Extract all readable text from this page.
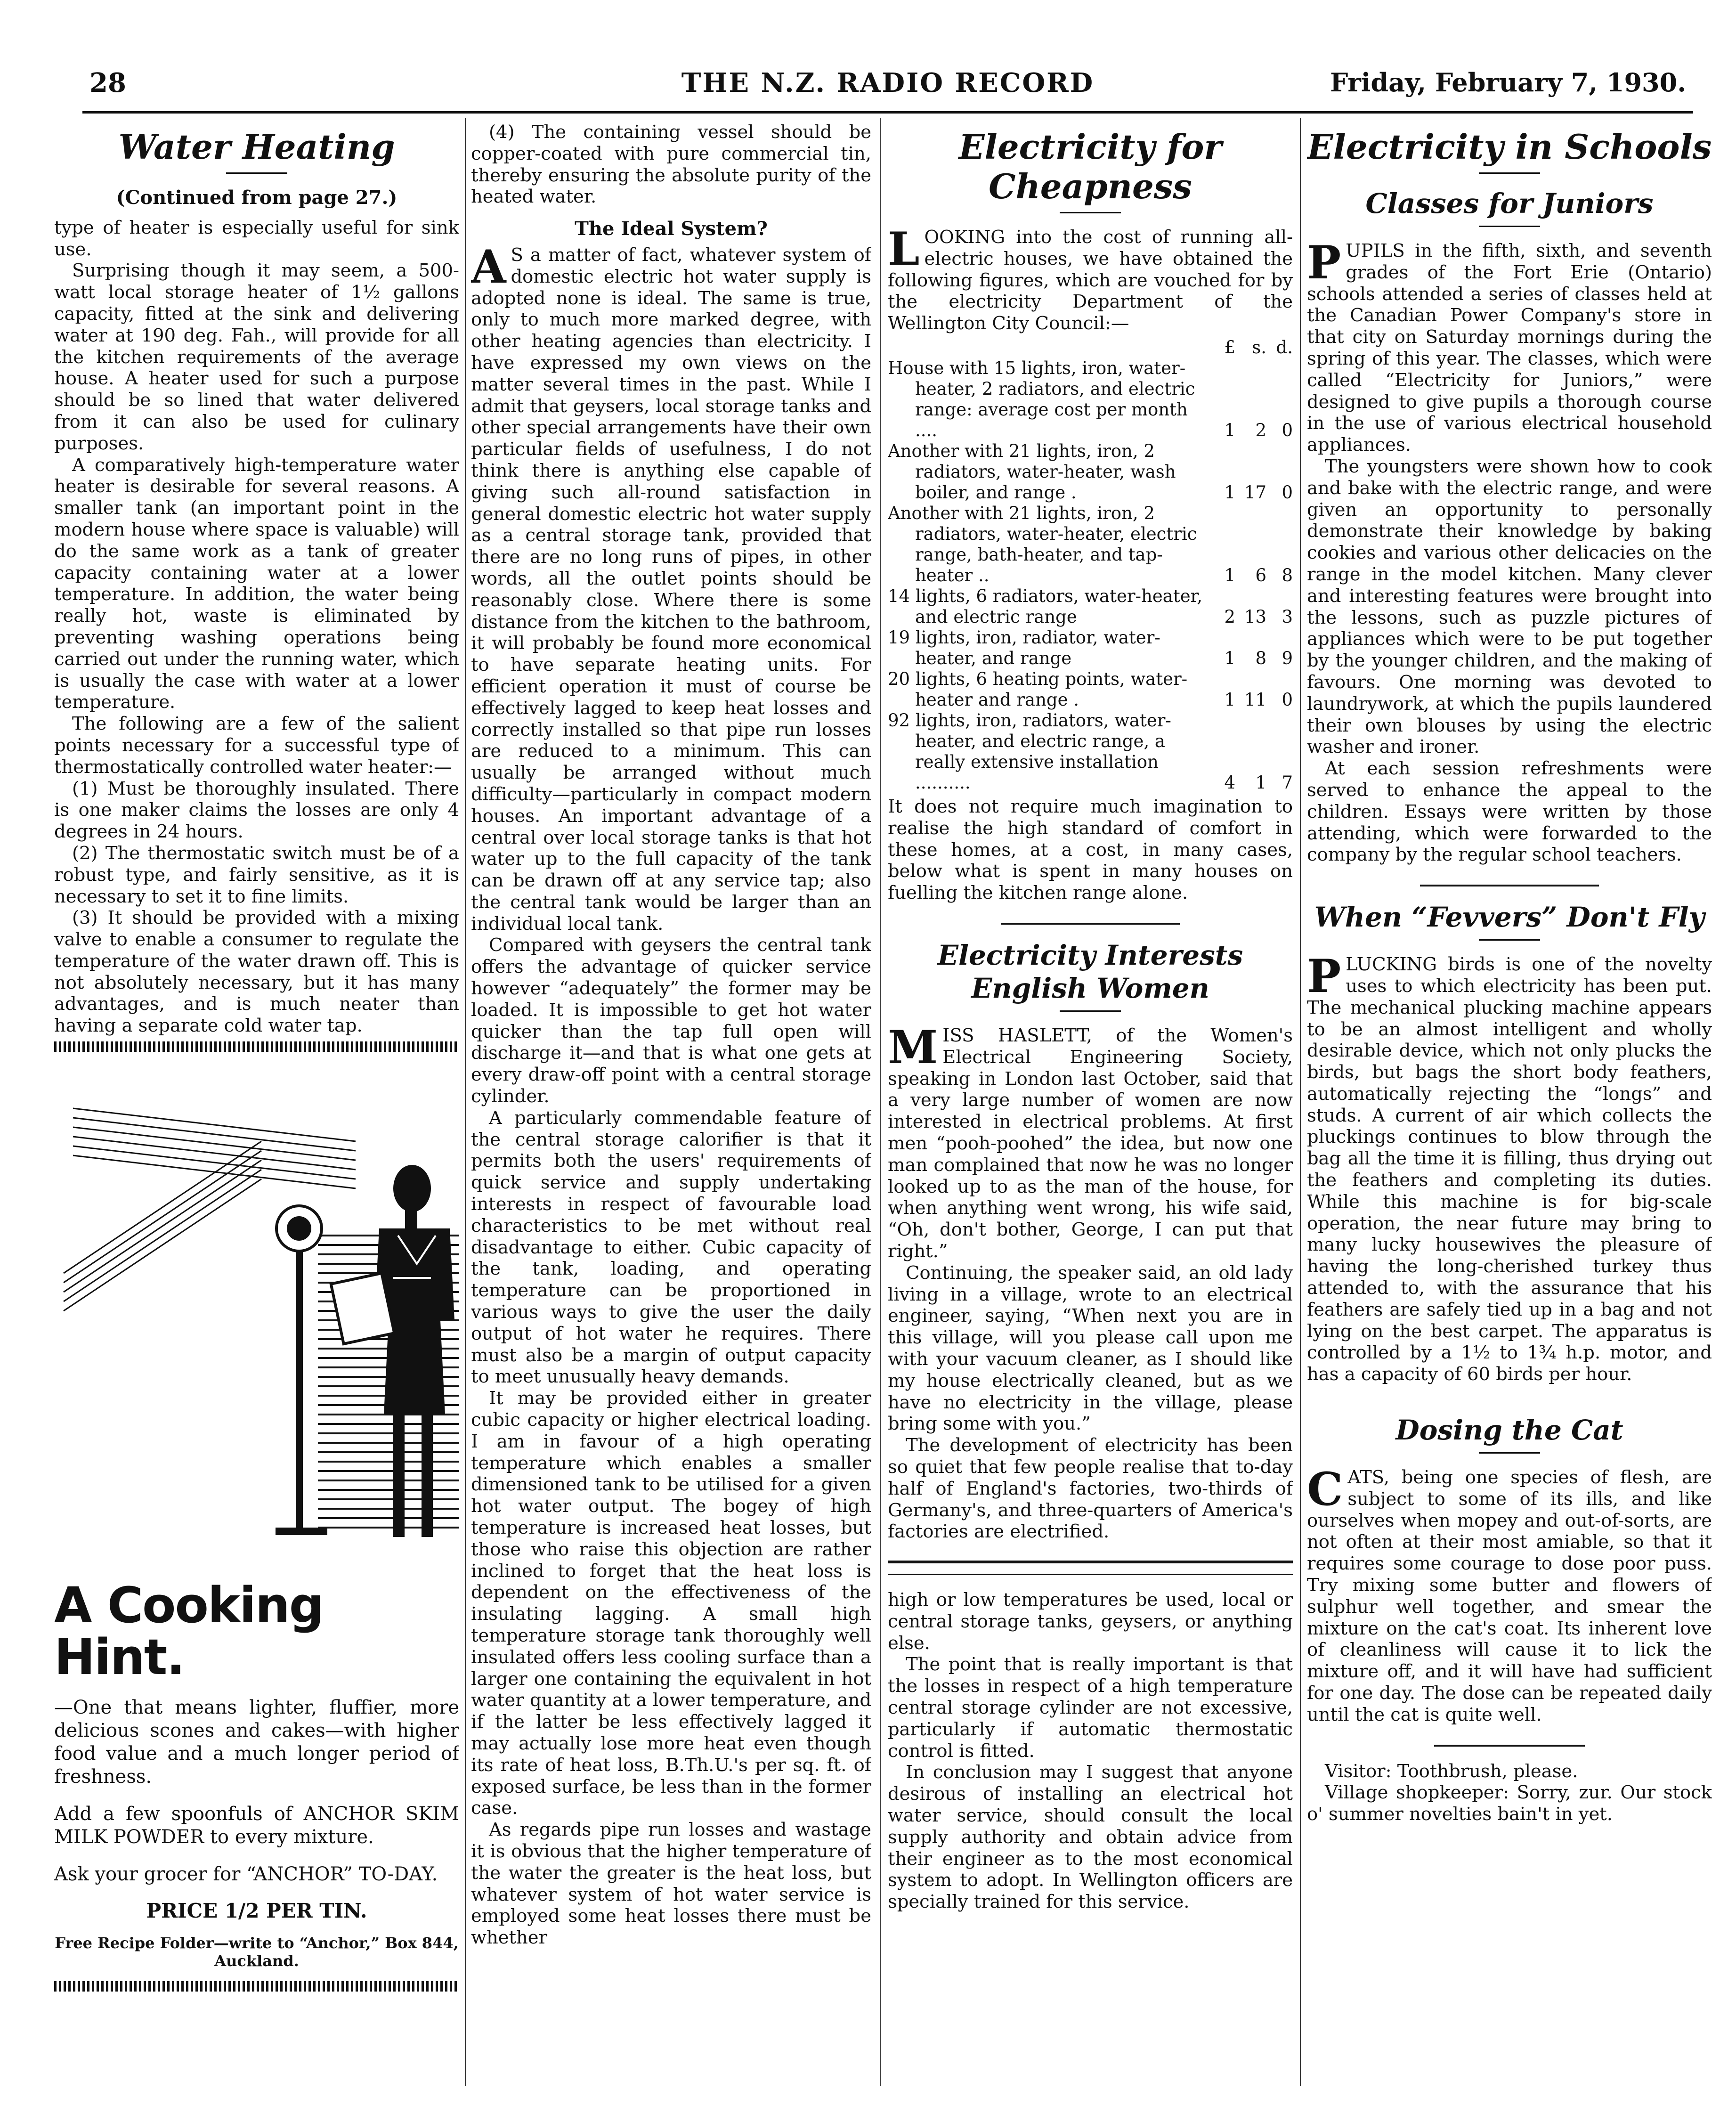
28	THE N.Z. RADIO RECORD	Friday, February 7, 1930.
Water Heating
(Continued from page 27.)

type of heater is especially useful for sink use.

Surprising though it may seem, a 500-watt local storage heater of 1½ gallons capacity, fitted at the sink and delivering water at 190 deg. Fah., will provide for all the kitchen requirements of the average house. A heater used for such a purpose should be so lined that water delivered from it can also be used for culinary purposes.

A comparatively high-temperature water heater is desirable for several reasons. A smaller tank (an important point in the modern house where space is valuable) will do the same work as a tank of greater capacity containing water at a lower temperature. In addition, the water being really hot, waste is eliminated by preventing washing operations being carried out under the running water, which is usually the case with water at a lower temperature.

The following are a few of the salient points necessary for a successful type of thermostatically controlled water heater:—

(1) Must be thoroughly insulated. There is one maker claims the losses are only 4 degrees in 24 hours.

(2) The thermostatic switch must be of a robust type, and fairly sensitive, as it is necessary to set it to fine limits.

(3) It should be provided with a mixing valve to enable a consumer to regulate the temperature of the water drawn off. This is not absolutely necessary, but it has many advantages, and is much neater than having a separate cold water tap.

A Cooking Hint.

—One that means lighter, fluffier, more delicious scones and cakes—with higher food value and a much longer period of freshness.

Add a few spoonfuls of ANCHOR SKIM MILK POWDER to every mixture.

Ask your grocer for “ANCHOR” TO-DAY.

PRICE 1/2 PER TIN.
Free Recipe Folder—write to “Anchor,” Box 844, Auckland.

(4) The containing vessel should be copper-coated with pure commercial tin, thereby ensuring the absolute purity of the heated water.

The Ideal System?

A S a matter of fact, whatever system of domestic electric hot water supply is adopted none is ideal. The same is true, only to much more marked degree, with other heating agencies than electricity. I have expressed my own views on the matter several times in the past. While I admit that geysers, local storage tanks and other special arrangements have their own particular fields of usefulness, I do not think there is anything else capable of giving such all-round satisfaction in general domestic electric hot water supply as a central storage tank, provided that there are no long runs of pipes, in other words, all the outlet points should be reasonably close. Where there is some distance from the kitchen to the bathroom, it will probably be found more economical to have separate heating units. For efficient operation it must of course be effectively lagged to keep heat losses and correctly installed so that pipe run losses are reduced to a minimum. This can usually be arranged without much difficulty—particularly in compact modern houses. An important advantage of a central over local storage tanks is that hot water up to the full capacity of the tank can be drawn off at any service tap; also the central tank would be larger than an individual local tank.

Compared with geysers the central tank offers the advantage of quicker service however “adequately” the former may be loaded. It is impossible to get hot water quicker than the tap full open will discharge it—and that is what one gets at every draw-off point with a central storage cylinder.

A particularly commendable feature of the central storage calorifier is that it permits both the users' requirements of quick service and supply undertaking interests in respect of favourable load characteristics to be met without real disadvantage to either. Cubic capacity of the tank, loading, and operating temperature can be proportioned in various ways to give the user the daily output of hot water he requires. There must also be a margin of output capacity to meet unusually heavy demands.

It may be provided either in greater cubic capacity or higher electrical loading. I am in favour of a high operating temperature which enables a smaller dimensioned tank to be utilised for a given hot water output. The bogey of high temperature is increased heat losses, but those who raise this objection are rather inclined to forget that the heat loss is dependent on the effectiveness of the insulating lagging. A small high temperature storage tank thoroughly well insulated offers less cooling surface than a larger one containing the equivalent in hot water quantity at a lower temperature, and if the latter be less effectively lagged it may actually lose more heat even though its rate of heat loss, B.Th.U.'s per sq. ft. of exposed surface, be less than in the former case.

As regards pipe run losses and wastage it is obvious that the higher temperature of the water the greater is the heat loss, but whatever system of hot water service is employed some heat losses there must be whether

Electricity for Cheapness

LOOKING into the cost of running all-electric houses, we have obtained the following figures, which are vouched for by the electricity Department of the Wellington City Council:—

	£	s.	d.
House with 15 lights, iron, water-heater, 2 radiators, and electric range: average cost per month ....	1	2	0
Another with 21 lights, iron, 2 radiators, water-heater, wash boiler, and range .	1	17	0
Another with 21 lights, iron, 2 radiators, water-heater, electric range, bath-heater, and tap-heater ..	1	6	8
14 lights, 6 radiators, water-heater, and electric range	2	13	3
19 lights, iron, radiator, water-heater, and range	1	8	9
20 lights, 6 heating points, water-heater and range .	1	11	0
92 lights, iron, radiators, water-heater, and electric range, a really extensive installation ..........	4	1	7

It does not require much imagination to realise the high standard of comfort in these homes, at a cost, in many cases, below what is spent in many houses on fuelling the kitchen range alone.

Electricity Interests English Women

MISS HASLETT, of the Women's Electrical Engineering Society, speaking in London last October, said that a very large number of women are now interested in electrical problems. At first men “pooh-poohed” the idea, but now one man complained that now he was no longer looked up to as the man of the house, for when anything went wrong, his wife said, “Oh, don't bother, George, I can put that right.”

Continuing, the speaker said, an old lady living in a village, wrote to an electrical engineer, saying, “When next you are in this village, will you please call upon me with your vacuum cleaner, as I should like my house electrically cleaned, but as we have no electricity in the village, please bring some with you.”

The development of electricity has been so quiet that few people realise that to-day half of England's factories, two-thirds of Germany's, and three-quarters of America's factories are electrified.

high or low temperatures be used, local or central storage tanks, geysers, or anything else.

The point that is really important is that the losses in respect of a high temperature central storage cylinder are not excessive, particularly if automatic thermostatic control is fitted.

In conclusion may I suggest that anyone desirous of installing an electrical hot water service, should consult the local supply authority and obtain advice from their engineer as to the most economical system to adopt. In Wellington officers are specially trained for this service.

Electricity in Schools
Classes for Juniors

PUPILS in the fifth, sixth, and seventh grades of the Fort Erie (Ontario) schools attended a series of classes held at the Canadian Power Company's store in that city on Saturday mornings during the spring of this year. The classes, which were called “Electricity for Juniors,” were designed to give pupils a thorough course in the use of various electrical household appliances.

The youngsters were shown how to cook and bake with the electric range, and were given an opportunity to personally demonstrate their knowledge by baking cookies and various other delicacies on the range in the model kitchen. Many clever and interesting features were brought into the lessons, such as puzzle pictures of appliances which were to be put together by the younger children, and the making of favours. One morning was devoted to laundrywork, at which the pupils laundered their own blouses by using the electric washer and ironer.

At each session refreshments were served to enhance the appeal to the children. Essays were written by those attending, which were forwarded to the company by the regular school teachers.

When “Fevvers” Don't Fly

PLUCKING birds is one of the novelty uses to which electricity has been put. The mechanical plucking machine appears to be an almost intelligent and wholly desirable device, which not only plucks the birds, but bags the short body feathers, automatically rejecting the “longs” and studs. A current of air which collects the pluckings continues to blow through the bag all the time it is filling, thus drying out the feathers and completing its duties. While this machine is for big-scale operation, the near future may bring to many lucky housewives the pleasure of having the long-cherished turkey thus attended to, with the assurance that his feathers are safely tied up in a bag and not lying on the best carpet. The apparatus is controlled by a 1½ to 1¾ h.p. motor, and has a capacity of 60 birds per hour.

Dosing the Cat

CATS, being one species of flesh, are subject to some of its ills, and like ourselves when mopey and out-of-sorts, are not often at their most amiable, so that it requires some courage to dose poor puss. Try mixing some butter and flowers of sulphur well together, and smear the mixture on the cat's coat. Its inherent love of cleanliness will cause it to lick the mixture off, and it will have had sufficient for one day. The dose can be repeated daily until the cat is quite well.

Visitor: Toothbrush, please.

Village shopkeeper: Sorry, zur. Our stock o' summer novelties bain't in yet.
